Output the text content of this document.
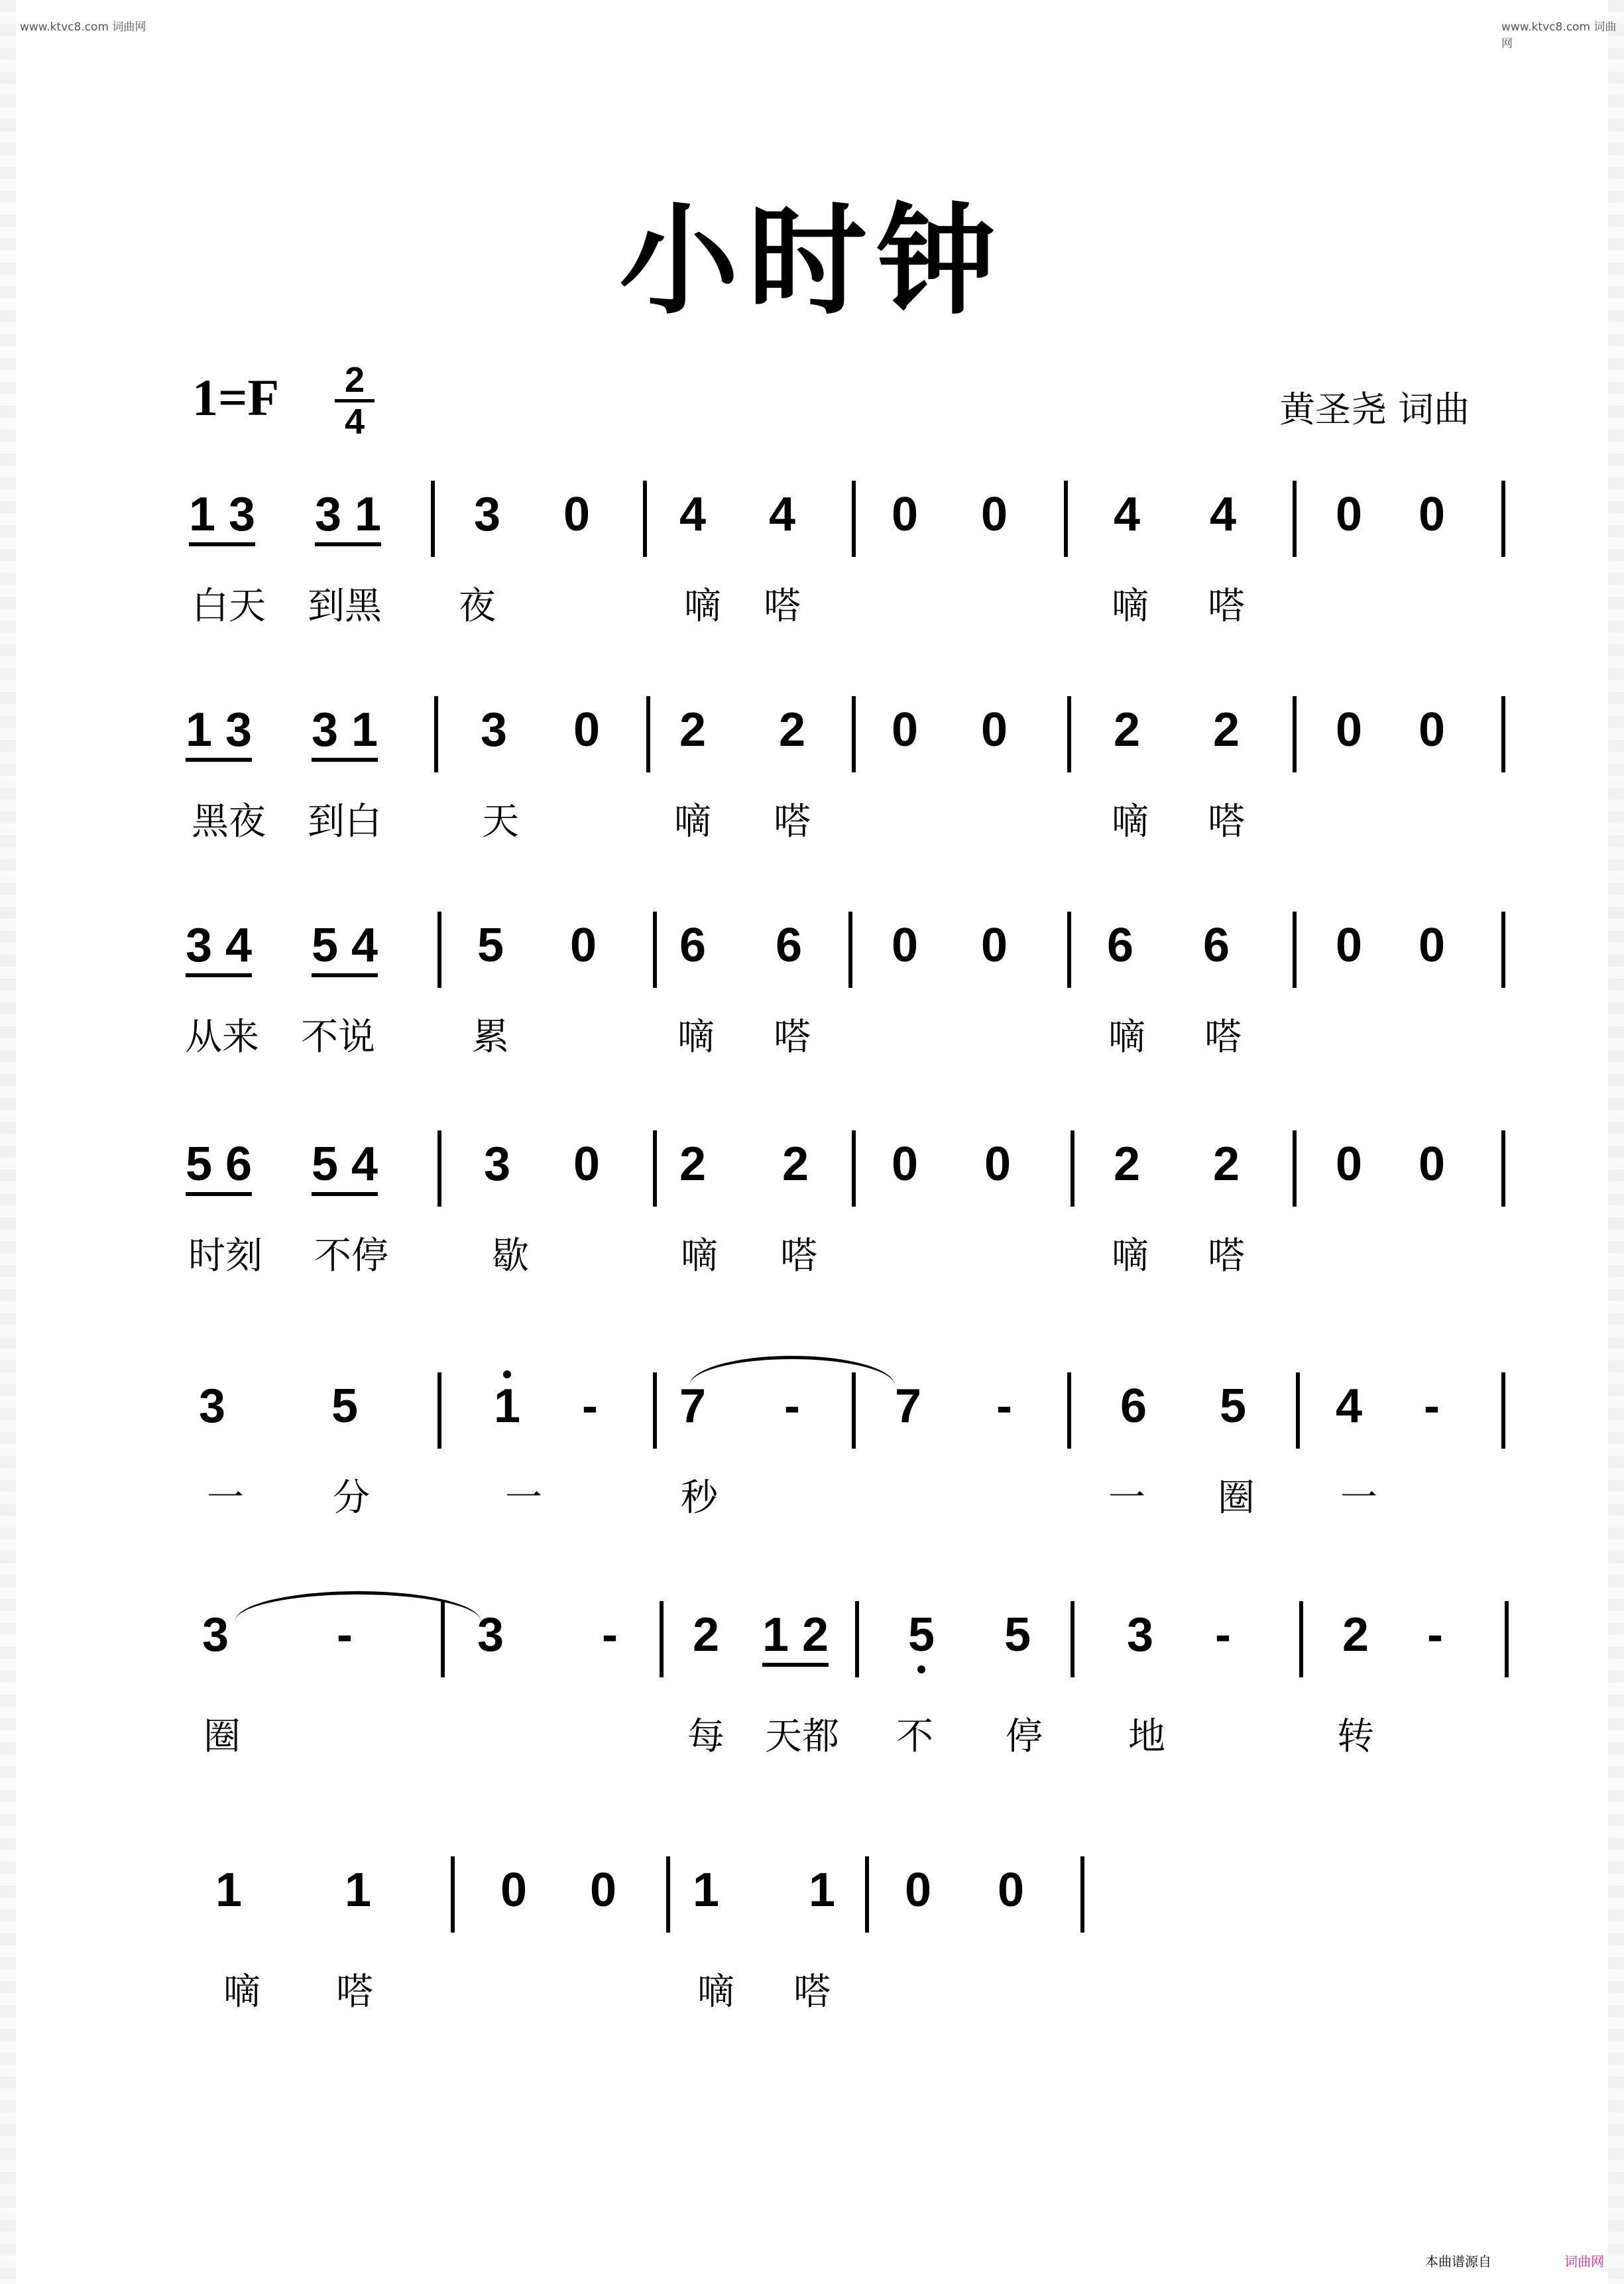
www.ktvc8.com 词曲网	www.ktvc8.com 词曲网
小时钟
$1=F \frac{2}{4}$	黄圣尧 词曲
1 3 3 1 3 0 4 4 0 0 4 4 0 0
白天 到黑 夜	嘀 嗒	嘀 嗒
1 3 3 1 3 0 2 2 0 0 2 2 0 0
黑夜 到白	天	嘀 嗒	嘀 嗒
3 4 5 4 5 0 6 6 0 0 6 6 0 0
从来 不说	累	嘀 嗒	嘀 嗒
5 6 5 4 3 0 2 2 0 0 2 2 0 0
时刻 不停	歇	嘀 嗒	嘀 嗒
3 5	1 - 7 - 7 - 6 5 4 -
一 分	一	秒	一 圈 一
3 -	3 - 2 1 2 5 5 3 - 2 -
圈	每 天都 不 停 地	转
1 1	0 0 1 1 0 0
嘀 嗒	嘀 嗒
本曲谱源自	词曲网
